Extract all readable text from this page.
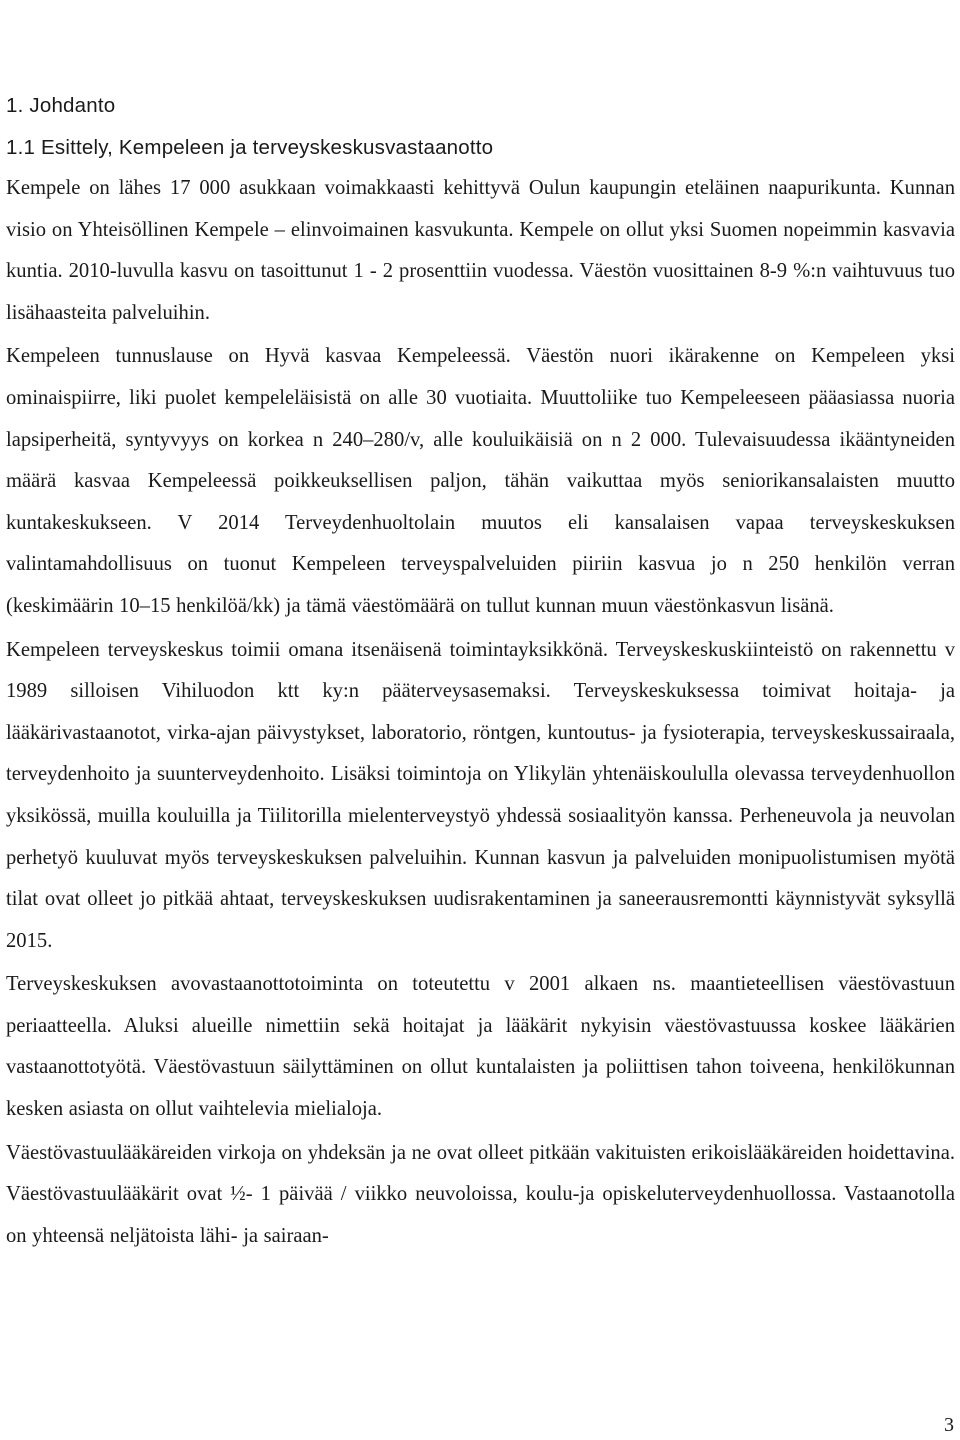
1. Johdanto
1.1 Esittely, Kempeleen ja terveyskeskusvastaanotto

Kempele on lähes 17 000 asukkaan voimakkaasti kehittyvä Oulun kaupungin eteläinen naapurikunta. Kunnan visio on Yhteisöllinen Kempele – elinvoimainen kasvukunta. Kempele on ollut yksi Suomen nopeimmin kasvavia kuntia. 2010-luvulla kasvu on tasoittunut 1 - 2 prosenttiin vuodessa. Väestön vuosittainen 8-9 %:n vaihtuvuus tuo lisähaasteita palveluihin.

Kempeleen tunnuslause on Hyvä kasvaa Kempeleessä. Väestön nuori ikärakenne on Kempeleen yksi ominaispiirre, liki puolet kempeleläisistä on alle 30 vuotiaita. Muuttoliike tuo Kempeleeseen pääasiassa nuoria lapsiperheitä, syntyvyys on korkea n 240–280/v, alle kouluikäisiä on n 2 000. Tulevaisuudessa ikääntyneiden määrä kasvaa Kempeleessä poikkeuksellisen paljon, tähän vaikuttaa myös seniorikansalaisten muutto kuntakeskukseen. V 2014 Terveydenhuoltolain muutos eli kansalaisen vapaa terveyskeskuksen valintamahdollisuus on tuonut Kempeleen terveyspalveluiden piiriin kasvua jo n 250 henkilön verran (keskimäärin 10–15 henkilöä/kk) ja tämä väestömäärä on tullut kunnan muun väestönkasvun lisänä.

Kempeleen terveyskeskus toimii omana itsenäisenä toimintayksikkönä. Terveyskeskuskiinteistö on rakennettu v 1989 silloisen Vihiluodon ktt ky:n pääterveysasemaksi. Terveyskeskuksessa toimivat hoitaja- ja lääkärivastaanotot, virka-ajan päivystykset, laboratorio, röntgen, kuntoutus- ja fysioterapia, terveyskeskussairaala, terveydenhoito ja suunterveydenhoito. Lisäksi toimintoja on Ylikylän yhtenäiskoululla olevassa terveydenhuollon yksikössä, muilla kouluilla ja Tiilitorilla mielenterveystyö yhdessä sosiaalityön kanssa. Perheneuvola ja neuvolan perhetyö kuuluvat myös terveyskeskuksen palveluihin. Kunnan kasvun ja palveluiden monipuolistumisen myötä tilat ovat olleet jo pitkää ahtaat, terveyskeskuksen uudisrakentaminen ja saneerausremontti käynnistyvät syksyllä 2015.

Terveyskeskuksen avovastaanottotoiminta on toteutettu v 2001 alkaen ns. maantieteellisen väestövastuun periaatteella. Aluksi alueille nimettiin sekä hoitajat ja lääkärit nykyisin väestövastuussa koskee lääkärien vastaanottotyötä. Väestövastuun säilyttäminen on ollut kuntalaisten ja poliittisen tahon toiveena, henkilökunnan kesken asiasta on ollut vaihtelevia mielialoja.

Väestövastuulääkäreiden virkoja on yhdeksän ja ne ovat olleet pitkään vakituisten erikoislääkäreiden hoidettavina. Väestövastuulääkärit ovat ½- 1 päivää / viikko neuvoloissa, koulu-ja opiskeluterveydenhuollossa. Vastaanotolla on yhteensä neljätoista lähi- ja sairaan-

3
